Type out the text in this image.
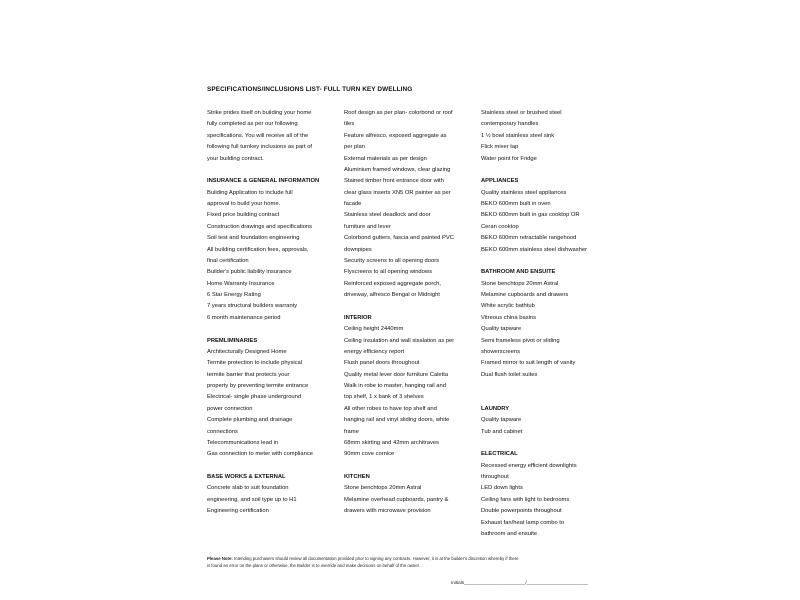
SPECIFICATIONS/INCLUSIONS LIST- FULL TURN KEY DWELLING
Strike prides itself on building your home
fully completed as per our following
specifications. You will receive all of the
following full turnkey inclusions as part of
your building contract.
INSURANCE & GENERAL INFORMATION
Building Application to include full
approval to build your home.
Fixed price building contract
Construction drawings and specifications
Soil test and foundation engineering
All building certification fees, approvals,
final certification
Builder's public liability insurance
Home Warranty Insurance
6 Star Energy Rating
7 years structural builders warranty
6 month maintenance period
PREMLIMINARIES
Architecturally Designed Home
Termite protection to include physical
termite barrier that protects your
property by preventing termite entrance
Electrical- single phase underground
power connection
Complete plumbing and drainage
connections
Telecommunications lead in
Gas connection to meter with compliance
BASE WORKS & EXTERNAL
Concrete slab to suit foundation
engineering, and soil type up to H1
Engineering certification
Roof design as per plan- colorbond or roof
tiles
Feature alfresco, exposed aggregate as
per plan
External materials as per design
Aluminium framed windows, clear glazing
Stained timber front entrance door with
clear glass inserts XN5 OR painter as per
facade
Stainless steel deadlock and door
furniture and lever
Colorbond gutters, fascia and painted PVC
downpipes
Security screens to all opening doors
Flyscreens to all opening windows
Reinforced exposed aggregate porch,
driveway, alfresco Bengal or Midnight
INTERIOR
Ceiling height 2440mm
Ceiling insulation and wall sisalation as per
energy efficiency report
Flush panel doors throughout
Quality metal lever door furniture Caletta
Walk in robe to master, hanging rail and
top shelf, 1 x bank of 3 shelves
All other robes to have top shelf and
hanging rail and vinyl sliding doors, white
frame
68mm skirting and 42mm architraves
90mm cove cornice
KITCHEN
Stone benchtops 20mm Astral
Melamine overhead cupboards, pantry &
drawers with microwave provision
Stainless steel or brushed steel
contemporary handles
1 ½ bowl stainless steel sink
Flick mixer tap
Water point for Fridge
APPLIANCES
Quality stainless steel appliances
BEKO 600mm built in oven
BEKO 600mm built in gas cooktop OR
Ceran cooktop
BEKO 600mm retractable rangehood
BEKO 600mm stainless steel dishwasher
BATHROOM AND ENSUITE
Stone benchtops 20mm Astral
Melamine cupboards and drawers
White acrylic bathtub
Vitreous china basins
Quality tapware
Semi frameless pivot or sliding
showerscreens
Framed mirror to suit length of vanity
Dual flush toilet suites
LAUNDRY
Quality tapware
Tub and cabinet
ELECTRICAL
Recessed energy efficient downlights
throughout
LED down lights
Ceiling fans with light to bedrooms
Double powerpoints throughout
Exhaust fan/heat lamp combo to
bathroom and ensuite
Please Note: Intending purchasers should review all documentation provided prior to signing any contracts. However, it is at the builder's discretion whereby if there
is found an error on the plans or otherwise, the Builder is to override and make decisions on behalf of the owner.
Initials________________________/________________________
